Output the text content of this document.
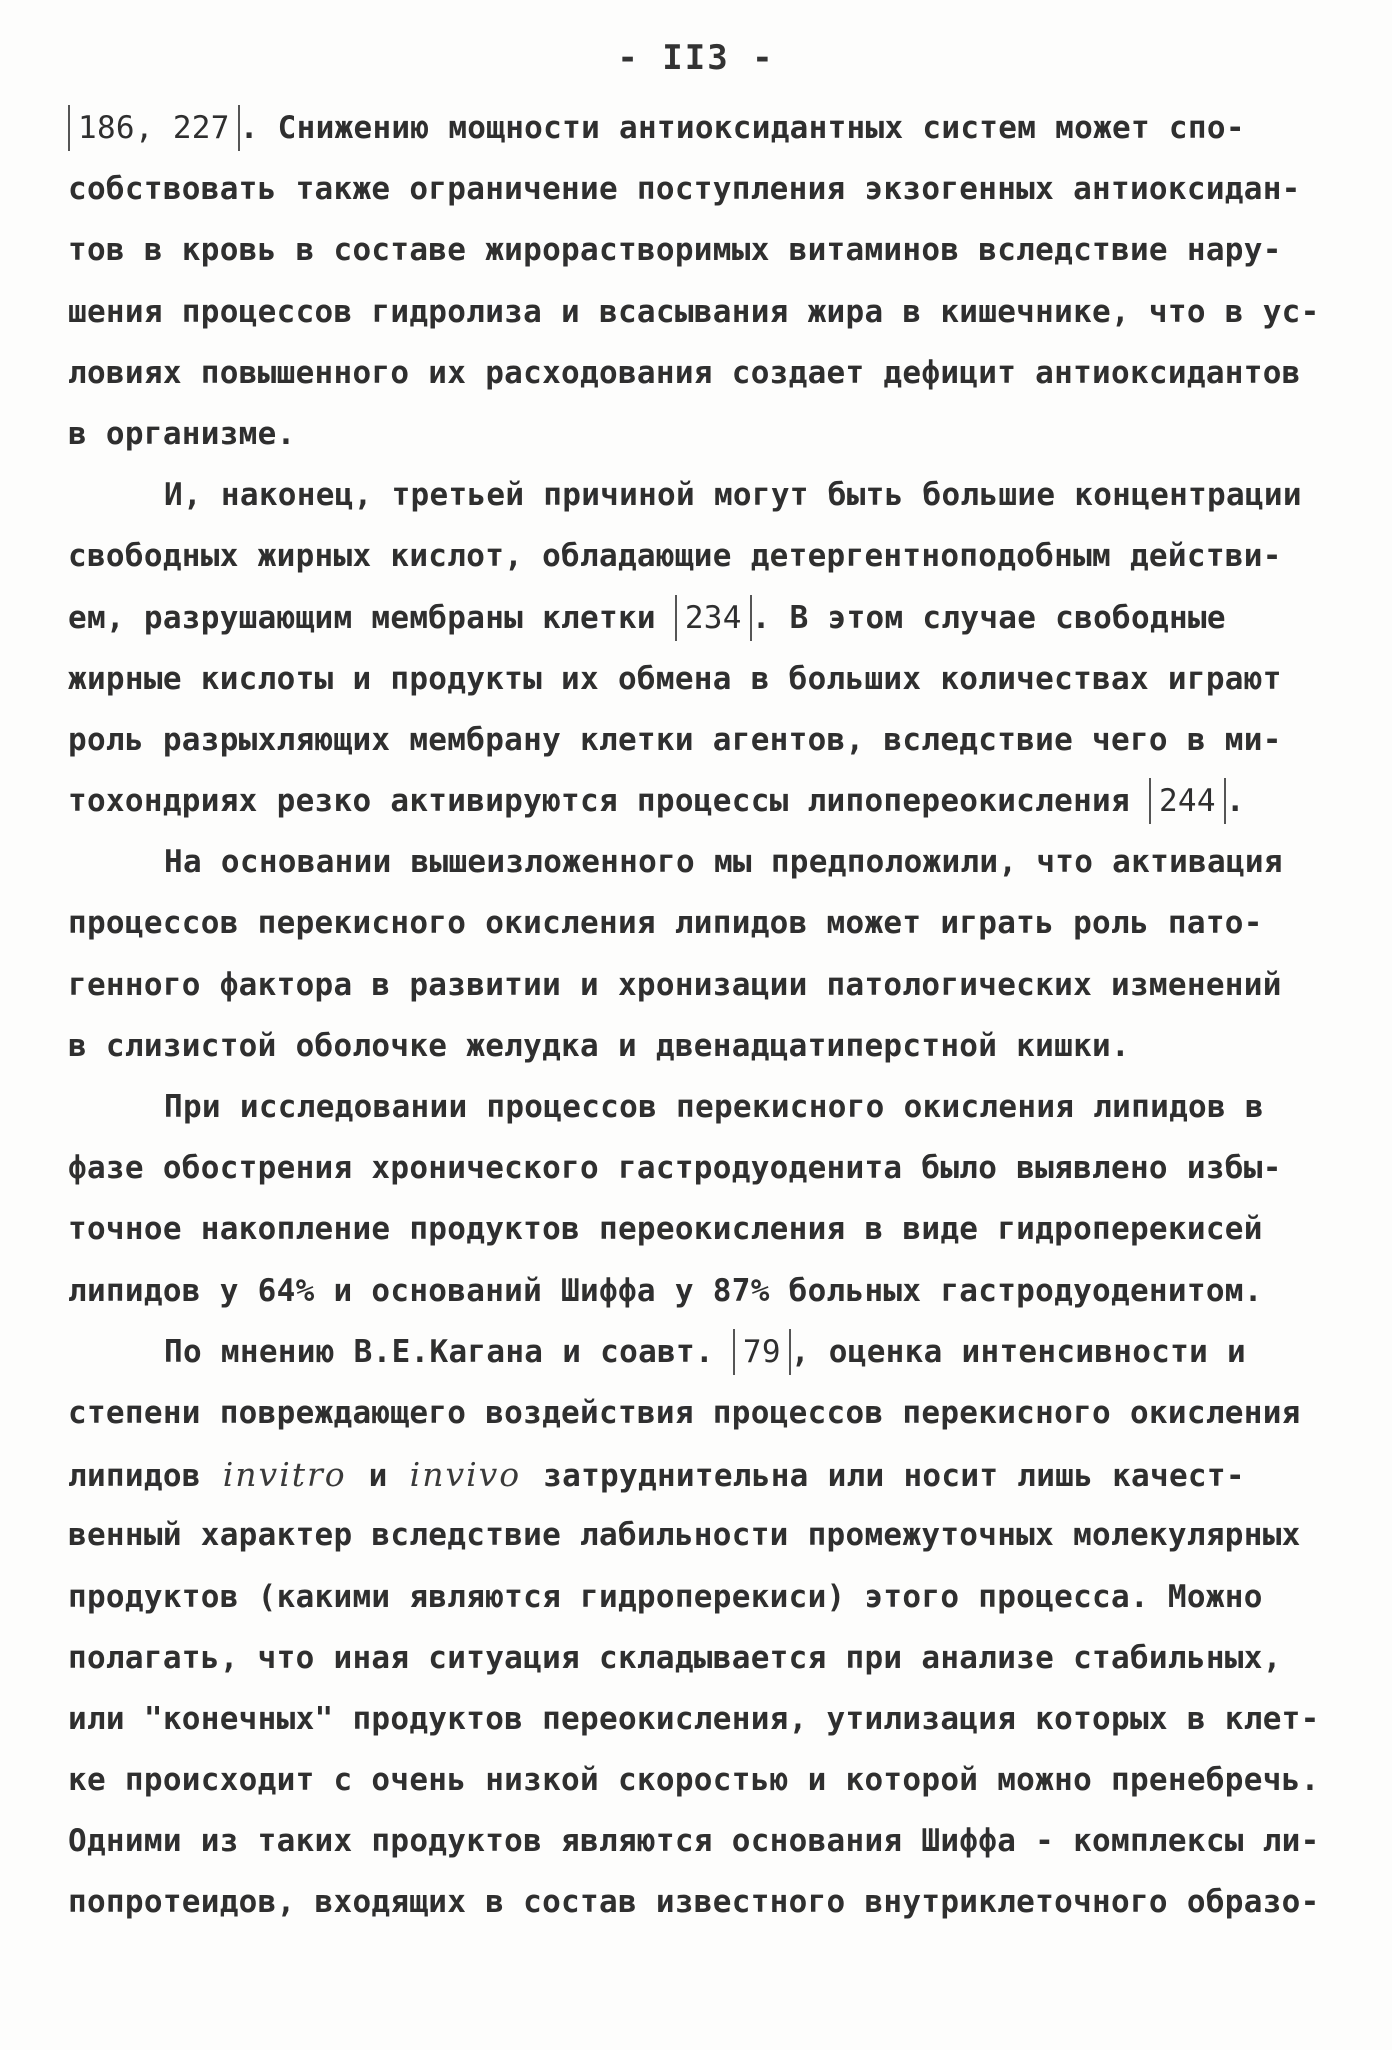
- II3 -
186, 227 . Снижению мощности антиоксидантных систем может спо-
собствовать также ограничение поступления экзогенных антиоксидан-
тов в кровь в составе жирорастворимых витаминов вследствие нару-
шения процессов гидролиза и всасывания жира в кишечнике, что в ус-
ловиях повышенного их расходования создает дефицит антиоксидантов
в организме.
И, наконец, третьей причиной могут быть большие концентрации
свободных жирных кислот, обладающие детергентноподобным действи-
ем, разрушающим мембраны клетки 234 . В этом случае свободные
жирные кислоты и продукты их обмена в больших количествах играют
роль разрыхляющих мембрану клетки агентов, вследствие чего в ми-
тохондриях резко активируются процессы липопереокисления 244 .
На основании вышеизложенного мы предположили, что активация
процессов перекисного окисления липидов может играть роль пато-
генного фактора в развитии и хронизации патологических изменений
в слизистой оболочке желудка и двенадцатиперстной кишки.
При исследовании процессов перекисного окисления липидов в
фазе обострения хронического гастродуоденита было выявлено избы-
точное накопление продуктов переокисления в виде гидроперекисей
липидов у 64% и оснований Шиффа у 87% больных гастродуоденитом.
По мнению В.Е.Кагана и соавт. 79 , оценка интенсивности и
степени повреждающего воздействия процессов перекисного окисления
липидов invitro и invivo затруднительна или носит лишь качест-
венный характер вследствие лабильности промежуточных молекулярных
продуктов (какими являются гидроперекиси) этого процесса. Можно
полагать, что иная ситуация складывается при анализе стабильных,
или "конечных" продуктов переокисления, утилизация которых в клет-
ке происходит с очень низкой скоростью и которой можно пренебречь.
Одними из таких продуктов являются основания Шиффа - комплексы ли-
попротеидов, входящих в состав известного внутриклеточного образо-
